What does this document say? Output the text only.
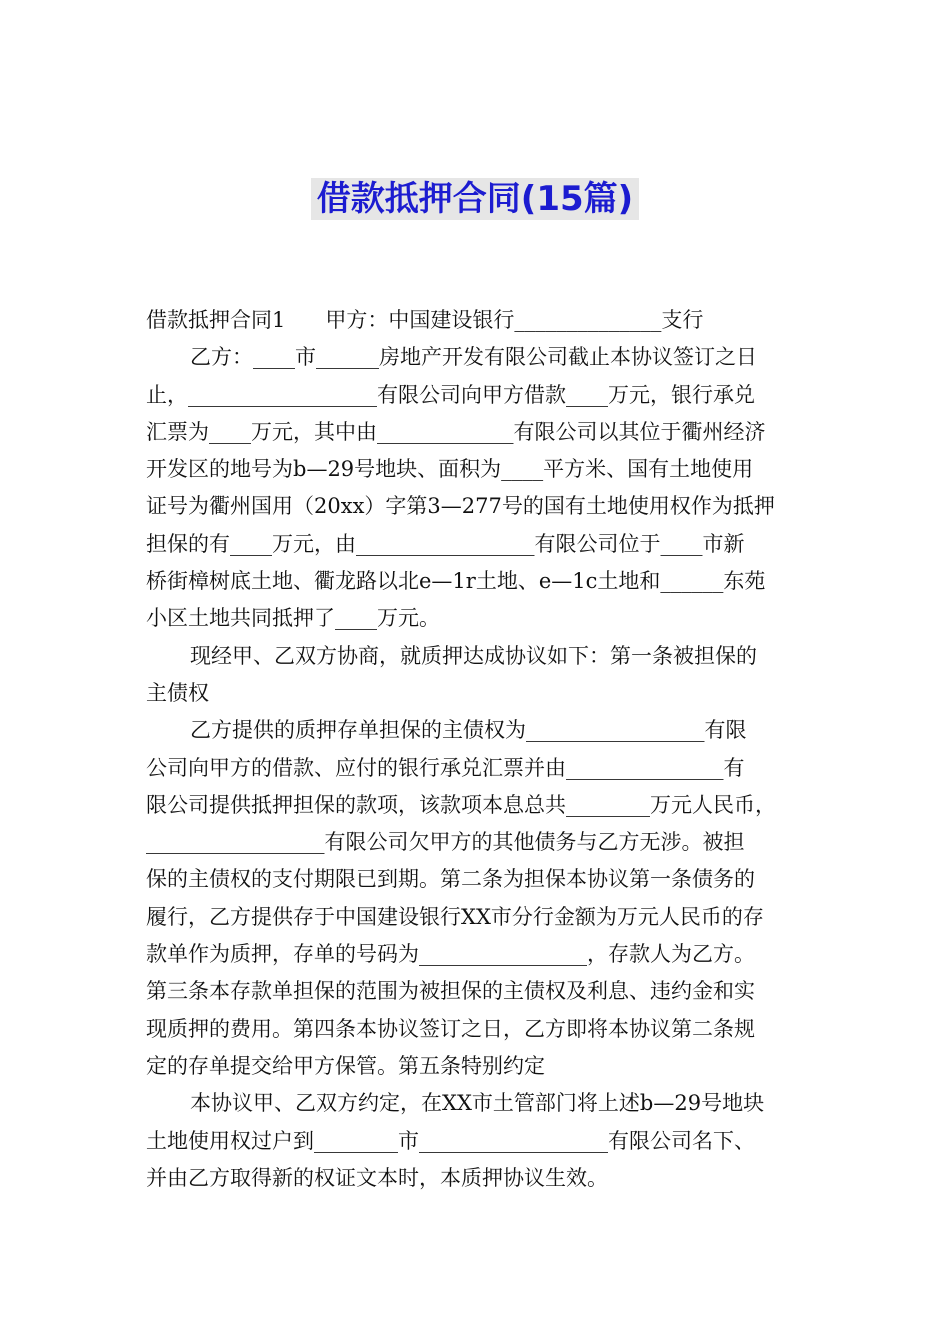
借款抵押合同(15篇)
借款抵押合同1 甲方：中国建设银行______________支行
乙方：____市______房地产开发有限公司截止本协议签订之日
止，__________________有限公司向甲方借款____万元，银行承兑
汇票为____万元，其中由_____________有限公司以其位于衢州经济
开发区的地号为b—29号地块、面积为____平方米、国有土地使用
证号为衢州国用（20xx）字第3—277号的国有土地使用权作为抵押
担保的有____万元，由_________________有限公司位于____市新
桥街樟树底土地、衢龙路以北e—1r土地、e—1c土地和______东苑
小区土地共同抵押了____万元。
现经甲、乙双方协商，就质押达成协议如下：第一条被担保的
主债权
乙方提供的质押存单担保的主债权为_________________有限
公司向甲方的借款、应付的银行承兑汇票并由_______________有
限公司提供抵押担保的款项，该款项本息总共________万元人民币，
_________________有限公司欠甲方的其他债务与乙方无涉。被担
保的主债权的支付期限已到期。第二条为担保本协议第一条债务的
履行，乙方提供存于中国建设银行XX市分行金额为万元人民币的存
款单作为质押，存单的号码为________________，存款人为乙方。
第三条本存款单担保的范围为被担保的主债权及利息、违约金和实
现质押的费用。第四条本协议签订之日，乙方即将本协议第二条规
定的存单提交给甲方保管。第五条特别约定
本协议甲、乙双方约定，在XX市土管部门将上述b—29号地块
土地使用权过户到________市__________________有限公司名下、
并由乙方取得新的权证文本时，本质押协议生效。
